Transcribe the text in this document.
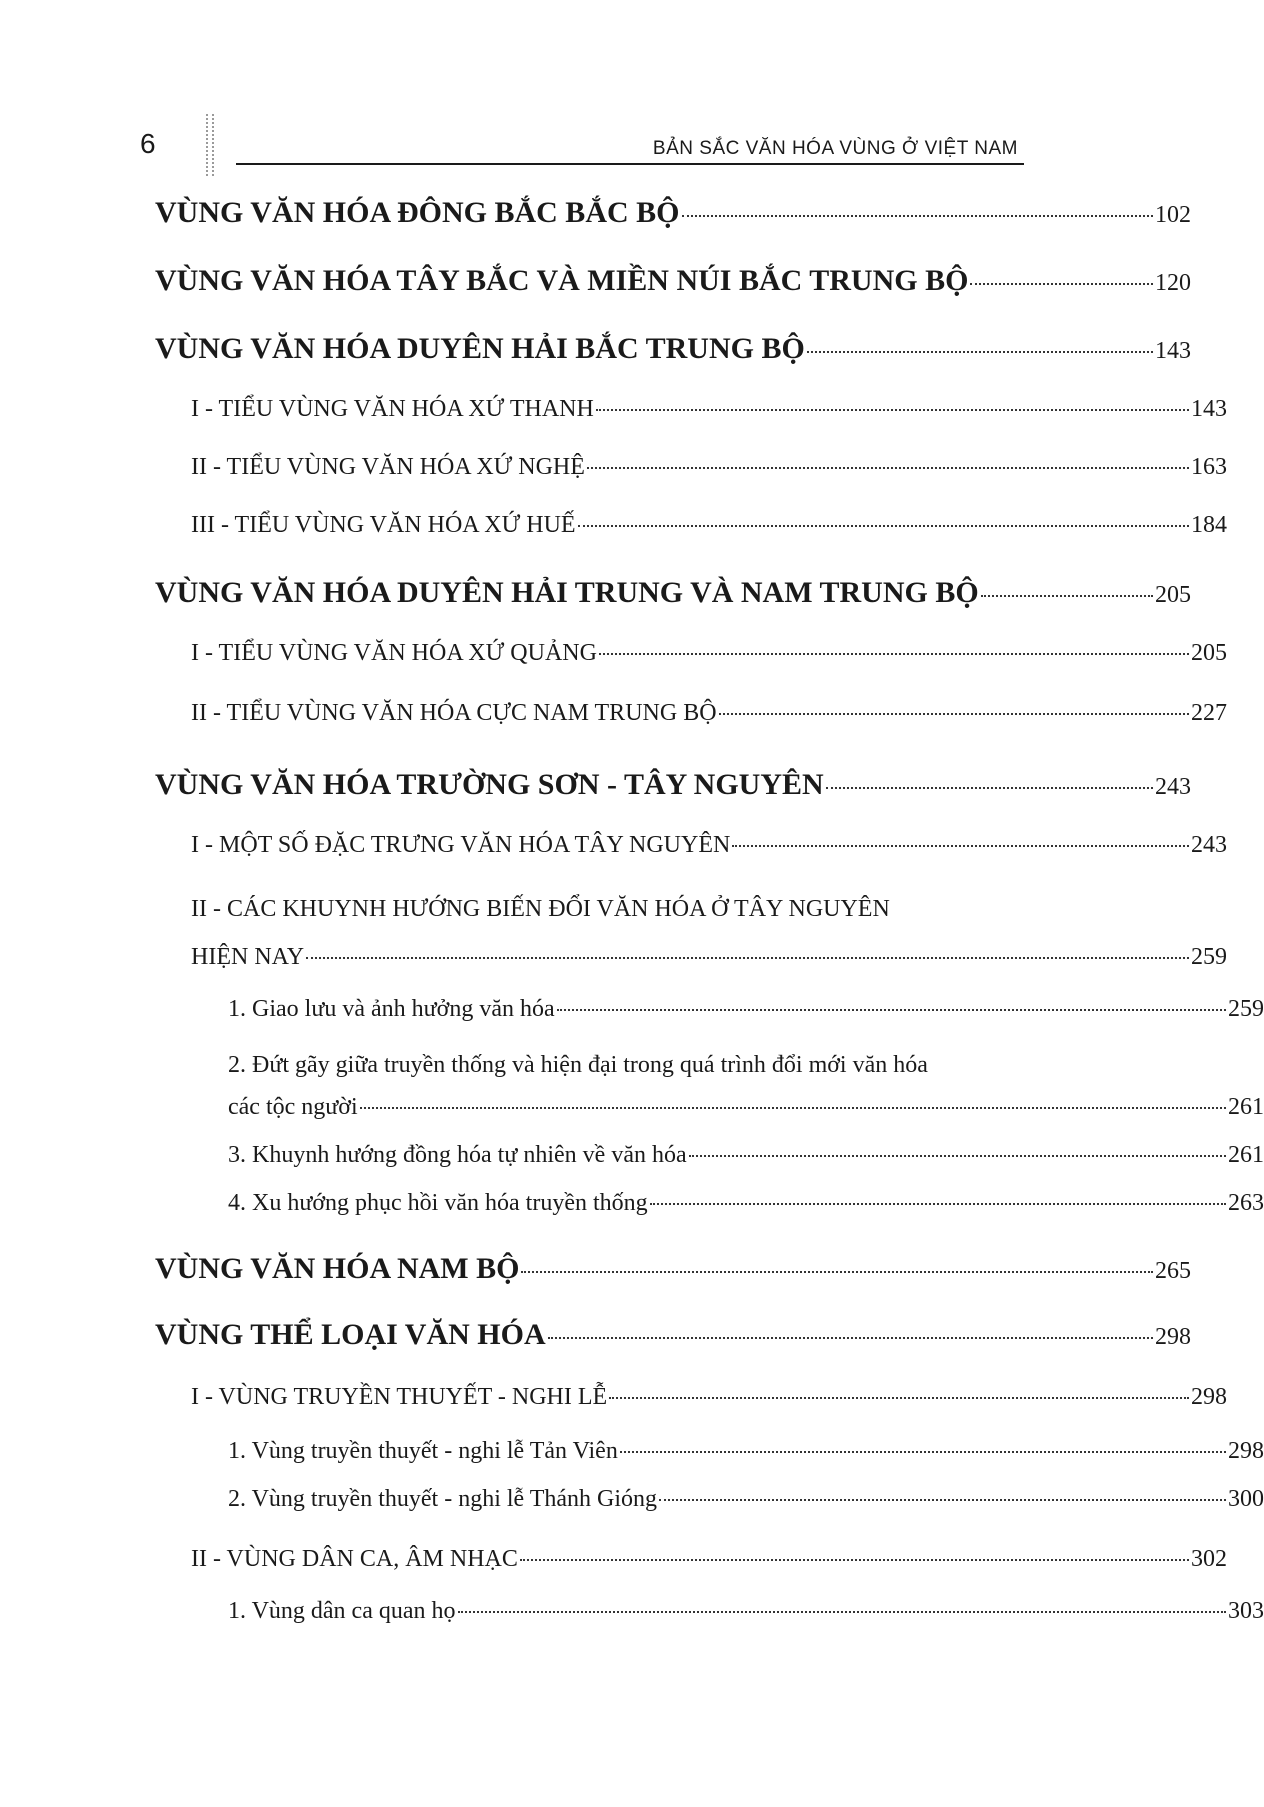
6	BẢN SẮC VĂN HÓA VÙNG Ở VIỆT NAM
VÙNG VĂN HÓA ĐÔNG BẮC BẮC BỘ	102
VÙNG VĂN HÓA TÂY BẮC VÀ MIỀN NÚI BẮC TRUNG BỘ	120
VÙNG VĂN HÓA DUYÊN HẢI BẮC TRUNG BỘ	143
I - TIỂU VÙNG VĂN HÓA XỨ THANH	143
II - TIỂU VÙNG VĂN HÓA XỨ NGHỆ	163
III - TIỂU VÙNG VĂN HÓA XỨ HUẾ	184
VÙNG VĂN HÓA DUYÊN HẢI TRUNG VÀ NAM TRUNG BỘ	205
I - TIỂU VÙNG VĂN HÓA XỨ QUẢNG	205
II - TIỂU VÙNG VĂN HÓA CỰC NAM TRUNG BỘ	227
VÙNG VĂN HÓA TRƯỜNG SƠN - TÂY NGUYÊN	243
I - MỘT SỐ ĐẶC TRƯNG VĂN HÓA TÂY NGUYÊN	243
II - CÁC KHUYNH HƯỚNG BIẾN ĐỔI VĂN HÓA Ở TÂY NGUYÊN
HIỆN NAY	259
1. Giao lưu và ảnh hưởng văn hóa	259
2. Đứt gãy giữa truyền thống và hiện đại trong quá trình đổi mới văn hóa
các tộc người	261
3. Khuynh hướng đồng hóa tự nhiên về văn hóa	261
4. Xu hướng phục hồi văn hóa truyền thống	263
VÙNG VĂN HÓA NAM BỘ	265
VÙNG THỂ LOẠI VĂN HÓA	298
I - VÙNG TRUYỀN THUYẾT - NGHI LỄ	298
1. Vùng truyền thuyết - nghi lễ Tản Viên	298
2. Vùng truyền thuyết - nghi lễ Thánh Gióng	300
II - VÙNG DÂN CA, ÂM NHẠC	302
1. Vùng dân ca quan họ	303
